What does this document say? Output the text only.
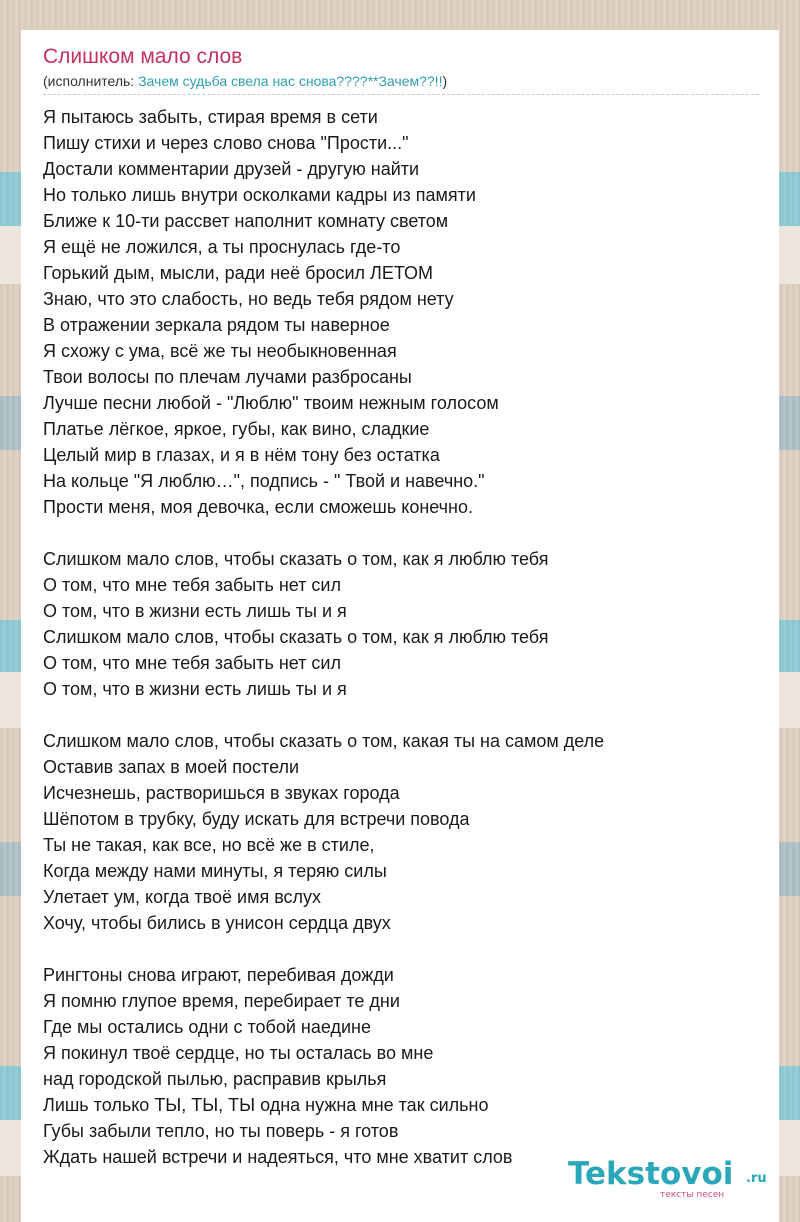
Слишком мало слов
(исполнитель: Зачем судьба свела нас снова????**Зачем??!!)
Я пытаюсь забыть, стирая время в сети
Пишу стихи и через слово снова "Прости..."
Достали комментарии друзей - другую найти
Но только лишь внутри осколками кадры из памяти
Ближе к 10-ти рассвет наполнит комнату светом
Я ещё не ложился, а ты проснулась где-то
Горький дым, мысли, ради неё бросил ЛЕТОМ
Знаю, что это слабость, но ведь тебя рядом нету
В отражении зеркала рядом ты наверное
Я схожу с ума, всё же ты необыкновенная
Твои волосы по плечам лучами разбросаны
Лучше песни любой - "Люблю" твоим нежным голосом
Платье лёгкое, яркое, губы, как вино, сладкие
Целый мир в глазах, и я в нём тону без остатка
На кольце "Я люблю…", подпись - " Твой и навечно."
Прости меня, моя девочка, если сможешь конечно.
Слишком мало слов, чтобы сказать о том, как я люблю тебя
О том, что мне тебя забыть нет сил
О том, что в жизни есть лишь ты и я
Слишком мало слов, чтобы сказать о том, как я люблю тебя
О том, что мне тебя забыть нет сил
О том, что в жизни есть лишь ты и я
Слишком мало слов, чтобы сказать о том, какая ты на самом деле
Оставив запах в моей постели
Исчезнешь, растворишься в звуках города
Шёпотом в трубку, буду искать для встречи повода
Ты не такая, как все, но всё же в стиле,
Когда между нами минуты, я теряю силы
Улетает ум, когда твоё имя вслух
Хочу, чтобы бились в унисон сердца двух
Рингтоны снова играют, перебивая дожди
Я помню глупое время, перебирает те дни
Где мы остались одни с тобой наедине
Я покинул твоё сердце, но ты осталась во мне
над городской пылью, расправив крылья
Лишь только ТЫ, ТЫ, ТЫ одна нужна мне так сильно
Губы забыли тепло, но ты поверь - я готов
Ждать нашей встречи и надеяться, что мне хватит слов	Tekstovoi .ru
тексты песен
